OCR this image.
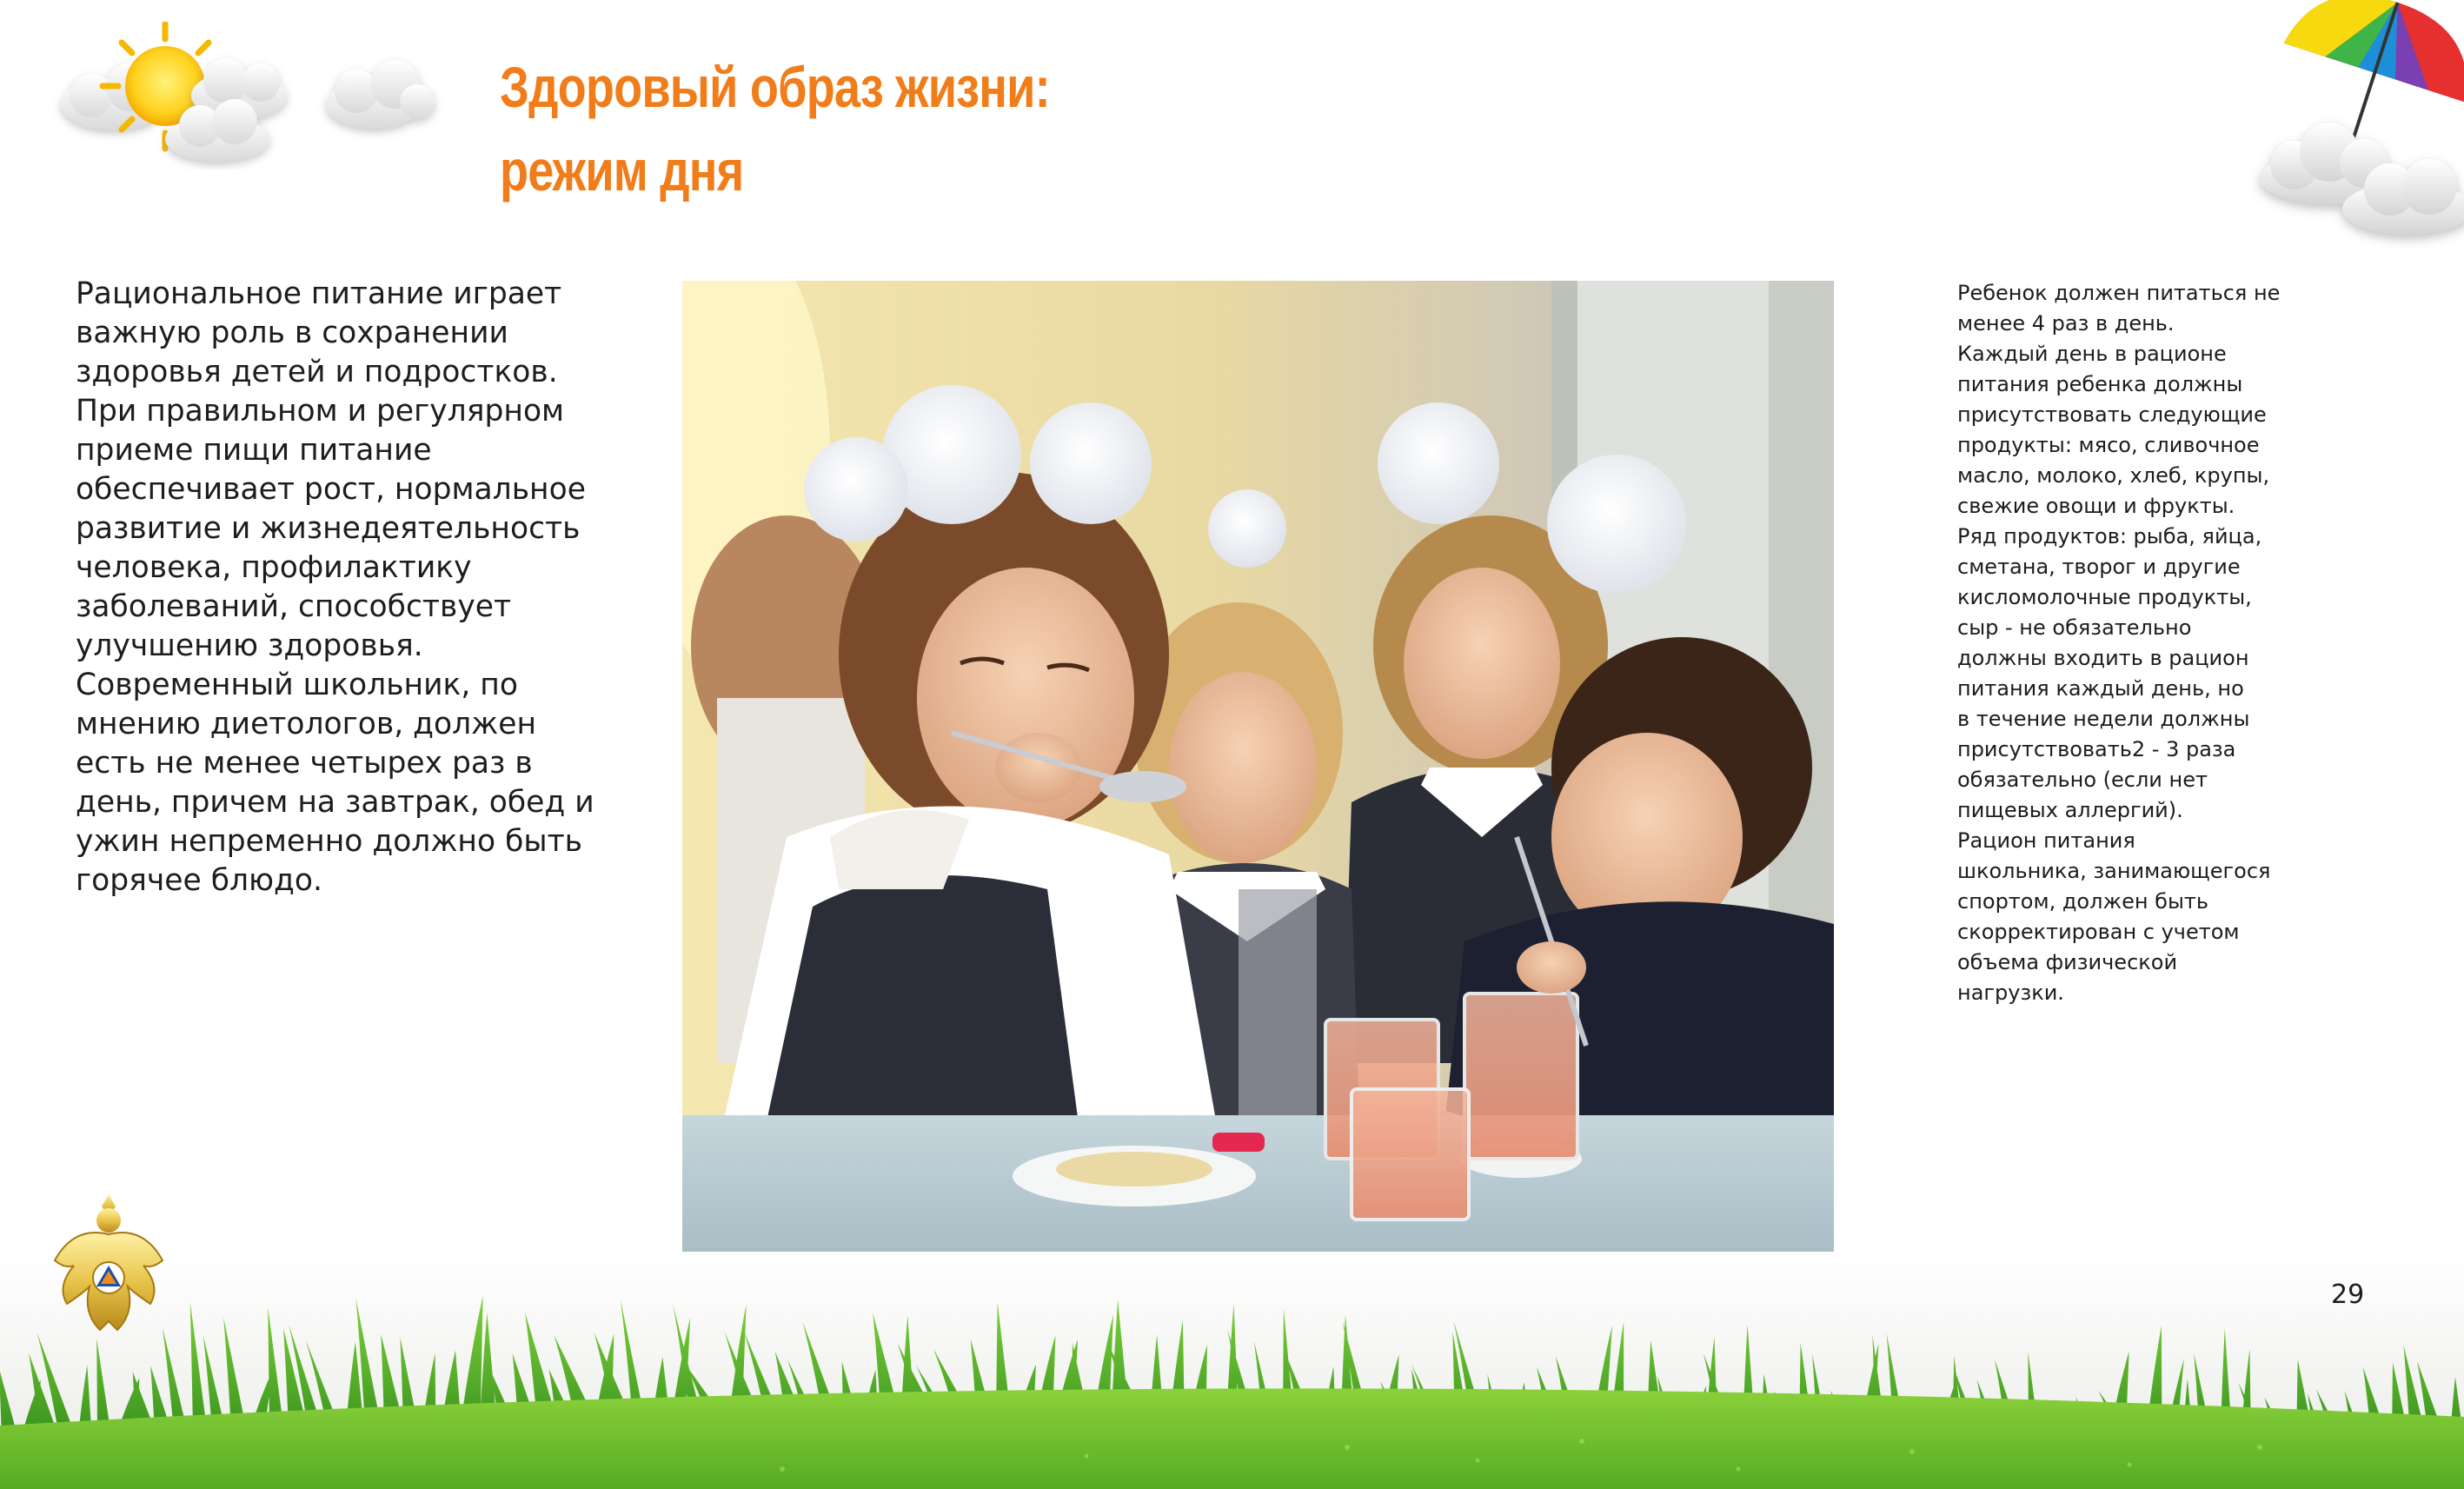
Здоровый образ жизни:
режим дня
Рациональное питание играет
важную роль в сохранении
здоровья детей и подростков.
При правильном и регулярном
приеме пищи питание
обеспечивает рост, нормальное
развитие и жизнедеятельность
человека, профилактику
заболеваний, способствует
улучшению здоровья.
Современный школьник, по
мнению диетологов, должен
есть не менее четырех раз в
день, причем на завтрак, обед и
ужин непременно должно быть
горячее блюдо.
Ребенок должен питаться не
менее 4 раз в день.
Каждый день в рационе
питания ребенка должны
присутствовать следующие
продукты: мясо, сливочное
масло, молоко, хлеб, крупы,
свежие овощи и фрукты.
Ряд продуктов: рыба, яйца,
сметана, творог и другие
кисломолочные продукты,
сыр - не обязательно
должны входить в рацион
питания каждый день, но
в течение недели должны
присутствовать2 - 3 раза
обязательно (если нет
пищевых аллергий).
Рацион питания
школьника, занимающегося
спортом, должен быть
скорректирован с учетом
объема физической
нагрузки.
29
